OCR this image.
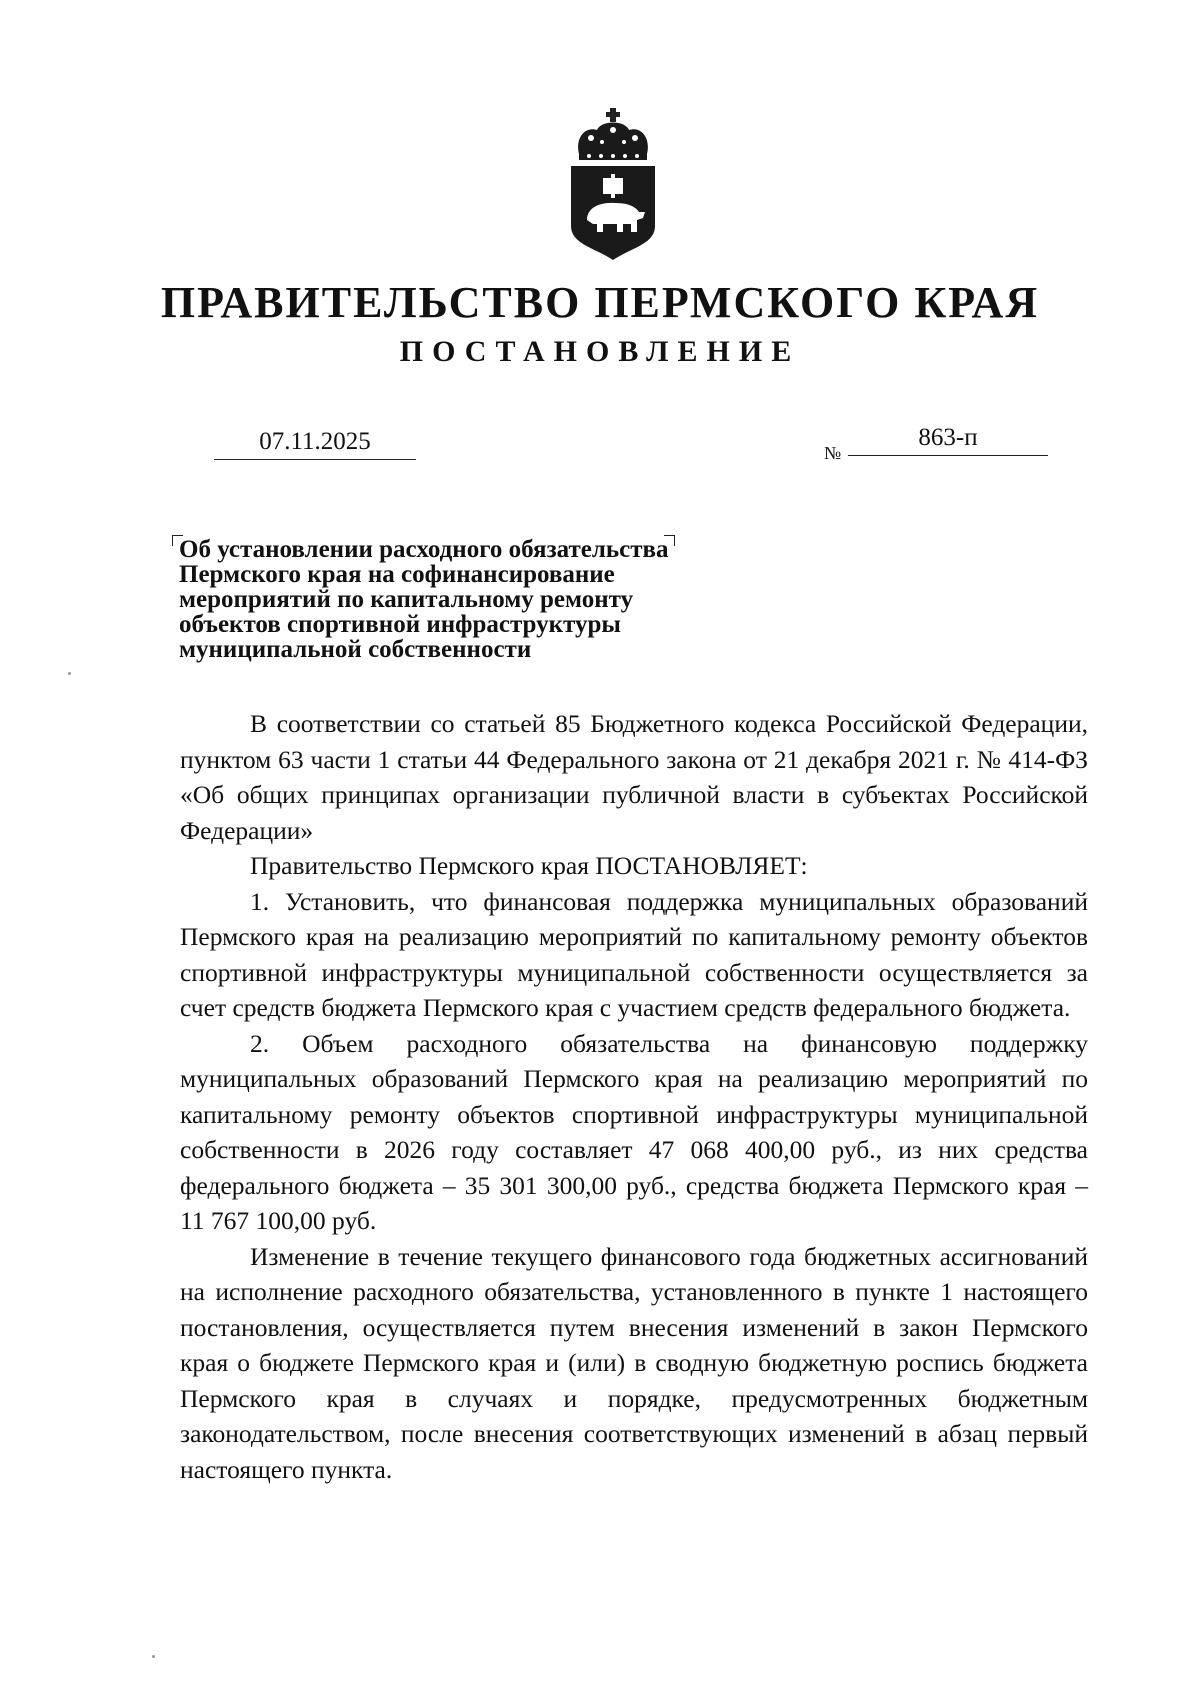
ПРАВИТЕЛЬСТВО ПЕРМСКОГО КРАЯ
ПОСТАНОВЛЕНИЕ
07.11.2025	№
863-п
Об установлении расходного обязательства
Пермского края на софинансирование
мероприятий по капитальному ремонту
объектов спортивной инфраструктуры
муниципальной собственности

В соответствии со статьей 85 Бюджетного кодекса Российской Федерации, пунктом 63 части 1 статьи 44 Федерального закона от 21 декабря 2021 г. № 414-ФЗ «Об общих принципах организации публичной власти в субъектах Российской Федерации»

Правительство Пермского края ПОСТАНОВЛЯЕТ:

1. Установить, что финансовая поддержка муниципальных образований Пермского края на реализацию мероприятий по капитальному ремонту объектов спортивной инфраструктуры муниципальной собственности осуществляется за счет средств бюджета Пермского края с участием средств федерального бюджета.

2. Объем расходного обязательства на финансовую поддержку муниципальных образований Пермского края на реализацию мероприятий по капитальному ремонту объектов спортивной инфраструктуры муниципальной собственности в 2026 году составляет 47 068 400,00 руб., из них средства федерального бюджета – 35 301 300,00 руб., средства бюджета Пермского края – 11 767 100,00 руб.

Изменение в течение текущего финансового года бюджетных ассигнований на исполнение расходного обязательства, установленного в пункте 1 настоящего постановления, осуществляется путем внесения изменений в закон Пермского края о бюджете Пермского края и (или) в сводную бюджетную роспись бюджета Пермского края в случаях и порядке, предусмотренных бюджетным законодательством, после внесения соответствующих изменений в абзац первый настоящего пункта.
